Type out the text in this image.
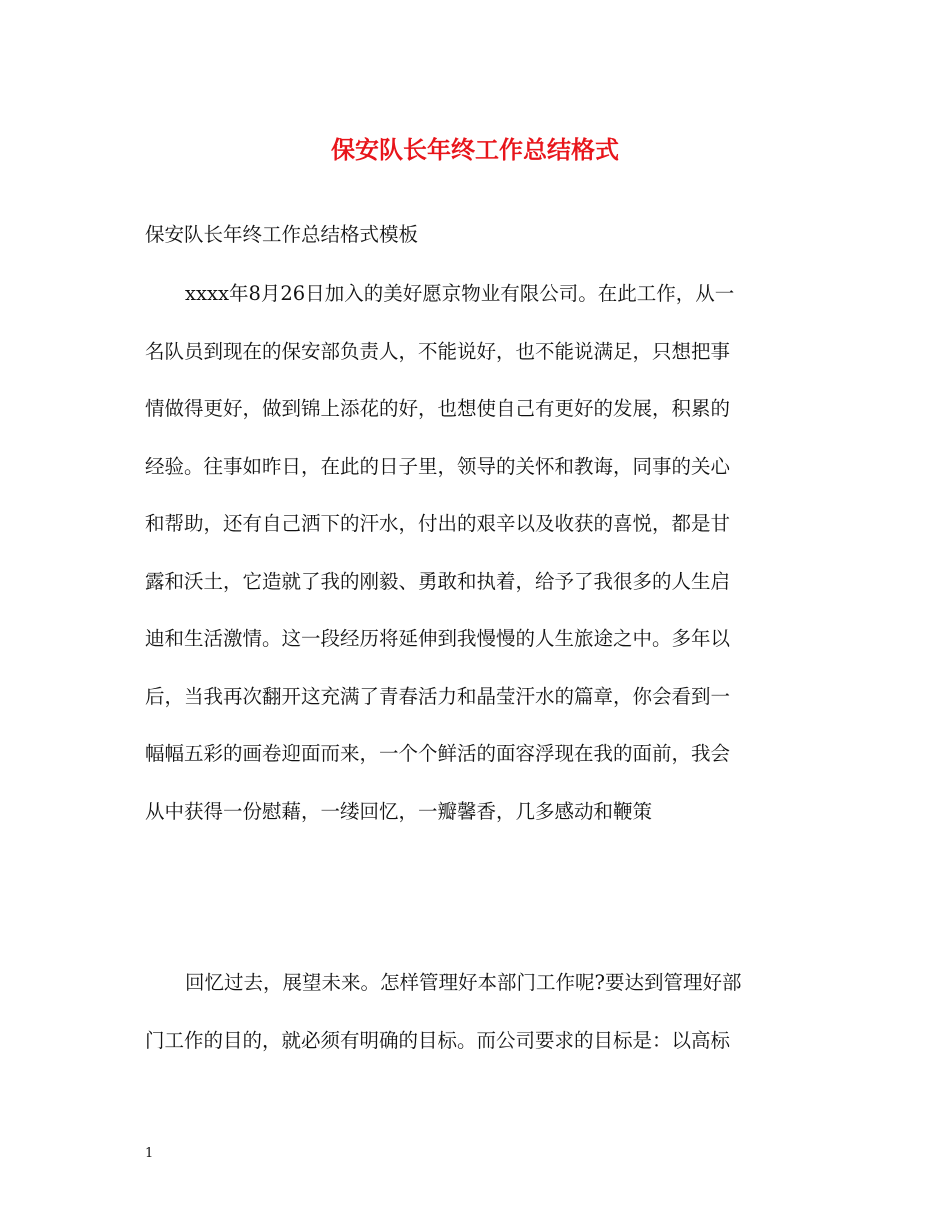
保安队长年终工作总结格式
保安队长年终工作总结格式模板
xxxx年8月26日加入的美好愿京物业有限公司。在此工作，从一
名队员到现在的保安部负责人，不能说好，也不能说满足，只想把事
情做得更好，做到锦上添花的好，也想使自己有更好的发展，积累的
经验。往事如昨日，在此的日子里，领导的关怀和教诲，同事的关心
和帮助，还有自己洒下的汗水，付出的艰辛以及收获的喜悦，都是甘
露和沃土，它造就了我的刚毅、勇敢和执着，给予了我很多的人生启
迪和生活激情。这一段经历将延伸到我慢慢的人生旅途之中。多年以
后，当我再次翻开这充满了青春活力和晶莹汗水的篇章，你会看到一
幅幅五彩的画卷迎面而来，一个个鲜活的面容浮现在我的面前，我会
从中获得一份慰藉，一缕回忆，一瓣馨香，几多感动和鞭策
回忆过去，展望未来。怎样管理好本部门工作呢?要达到管理好部
门工作的目的，就必须有明确的目标。而公司要求的目标是：以高标
1
